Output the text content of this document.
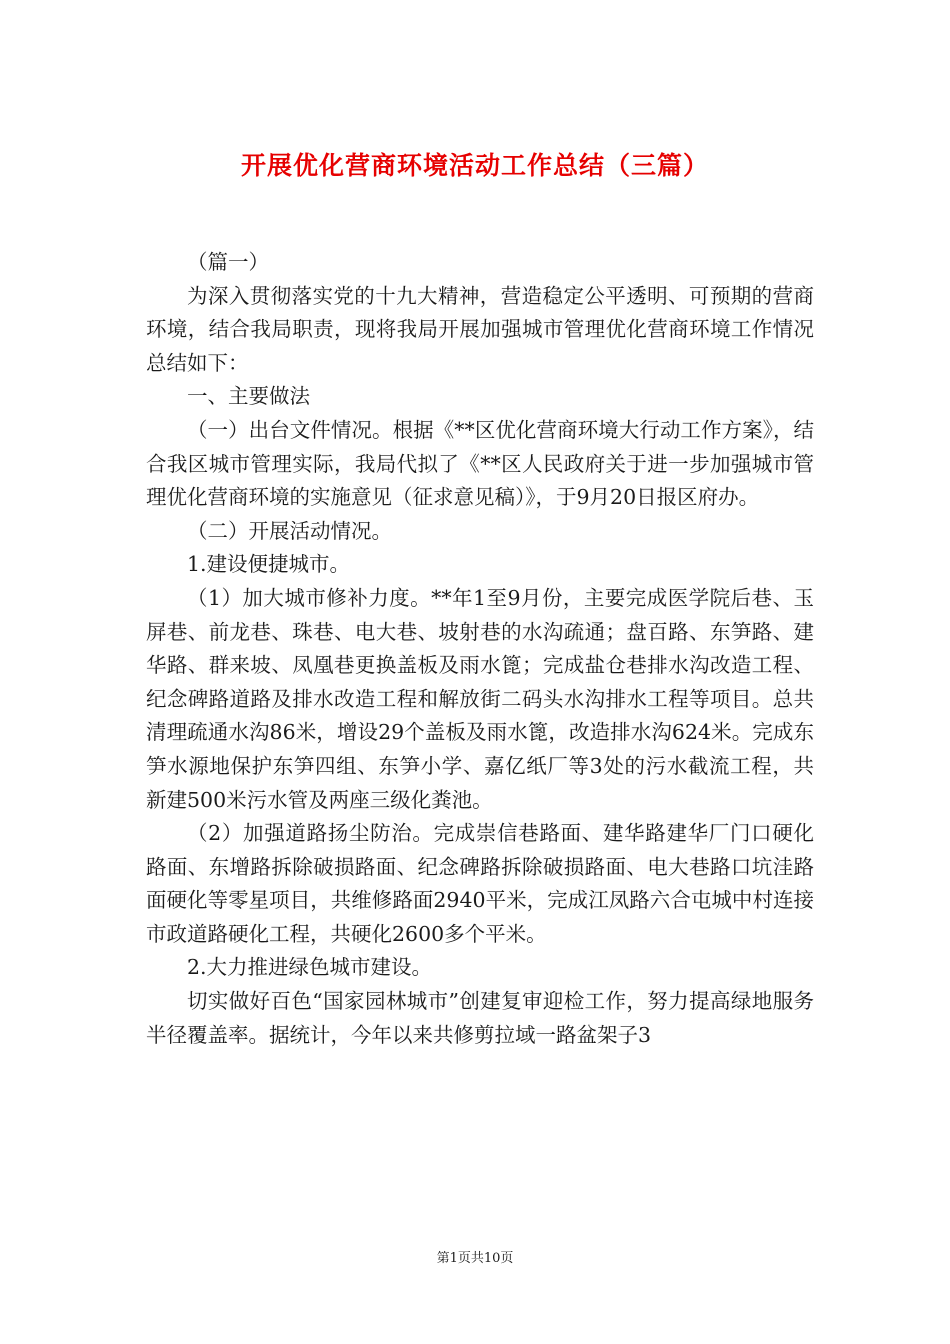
开展优化营商环境活动工作总结（三篇）

（篇一）

为深入贯彻落实党的十九大精神，营造稳定公平透明、可预期的营商环境，结合我局职责，现将我局开展加强城市管理优化营商环境工作情况总结如下：

一、主要做法

（一）出台文件情况。根据《**区优化营商环境大行动工作方案》，结合我区城市管理实际，我局代拟了《**区人民政府关于进一步加强城市管理优化营商环境的实施意见（征求意见稿）》，于9月20日报区府办。

（二）开展活动情况。

1.建设便捷城市。

（1）加大城市修补力度。**年1至9月份，主要完成医学院后巷、玉屏巷、前龙巷、珠巷、电大巷、坡射巷的水沟疏通；盘百路、东笋路、建华路、群来坡、凤凰巷更换盖板及雨水篦；完成盐仓巷排水沟改造工程、纪念碑路道路及排水改造工程和解放街二码头水沟排水工程等项目。总共清理疏通水沟86米，增设29个盖板及雨水篦，改造排水沟624米。完成东笋水源地保护东笋四组、东笋小学、嘉亿纸厂等3处的污水截流工程，共新建500米污水管及两座三级化粪池。

（2）加强道路扬尘防治。完成崇信巷路面、建华路建华厂门口硬化路面、东增路拆除破损路面、纪念碑路拆除破损路面、电大巷路口坑洼路面硬化等零星项目，共维修路面2940平米，完成江凤路六合屯城中村连接市政道路硬化工程，共硬化2600多个平米。

2.大力推进绿色城市建设。

切实做好百色“国家园林城市”创建复审迎检工作，努力提高绿地服务半径覆盖率。据统计，今年以来共修剪拉域一路盆架子3

第1页共10页
